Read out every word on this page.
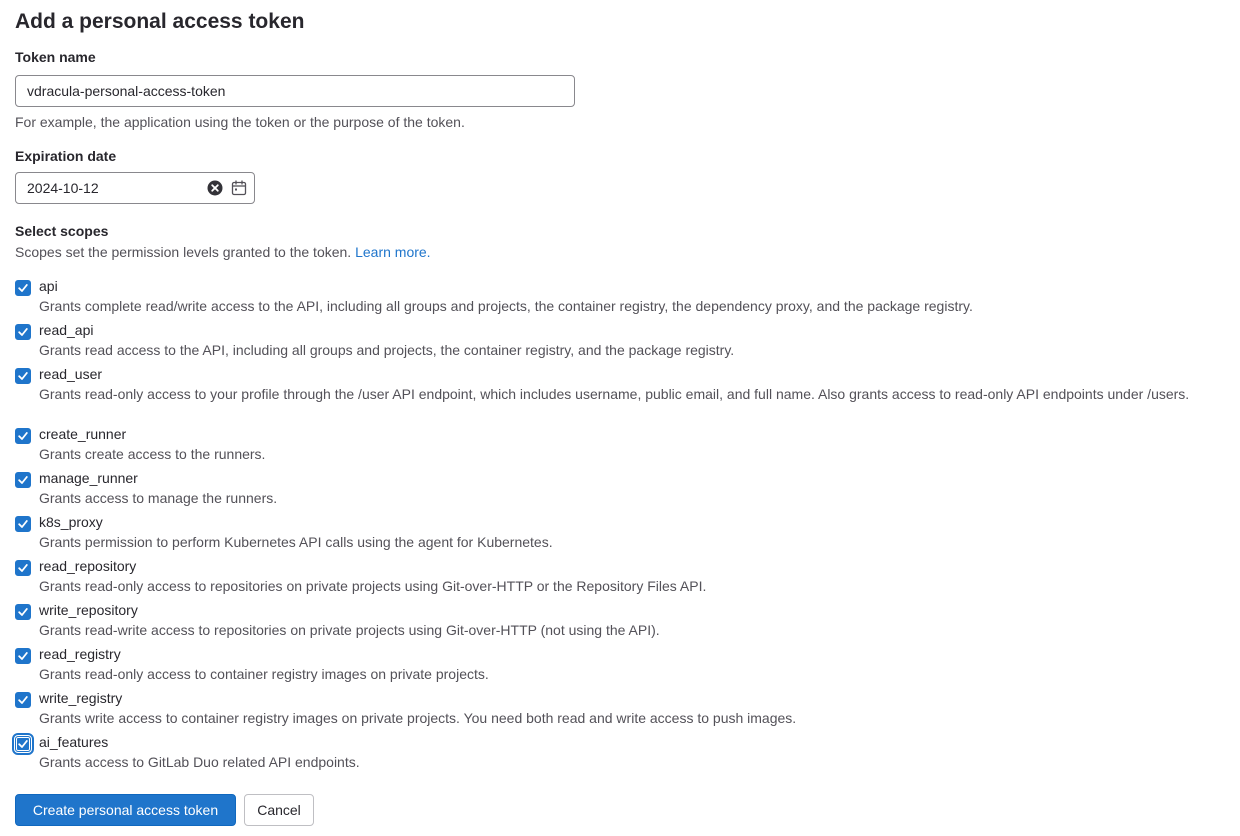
Add a personal access token
Token name
vdracula-personal-access-token
For example, the application using the token or the purpose of the token.
Expiration date
2024-10-12
Select scopes
Scopes set the permission levels granted to the token. Learn more.
api
Grants complete read/write access to the API, including all groups and projects, the container registry, the dependency proxy, and the package registry.
read_api
Grants read access to the API, including all groups and projects, the container registry, and the package registry.
read_user
Grants read-only access to your profile through the /user API endpoint, which includes username, public email, and full name. Also grants access to read-only API endpoints under /users.
create_runner
Grants create access to the runners.
manage_runner
Grants access to manage the runners.
k8s_proxy
Grants permission to perform Kubernetes API calls using the agent for Kubernetes.
read_repository
Grants read-only access to repositories on private projects using Git-over-HTTP or the Repository Files API.
write_repository
Grants read-write access to repositories on private projects using Git-over-HTTP (not using the API).
read_registry
Grants read-only access to container registry images on private projects.
write_registry
Grants write access to container registry images on private projects. You need both read and write access to push images.
ai_features
Grants access to GitLab Duo related API endpoints.
Create personal access token	Cancel
